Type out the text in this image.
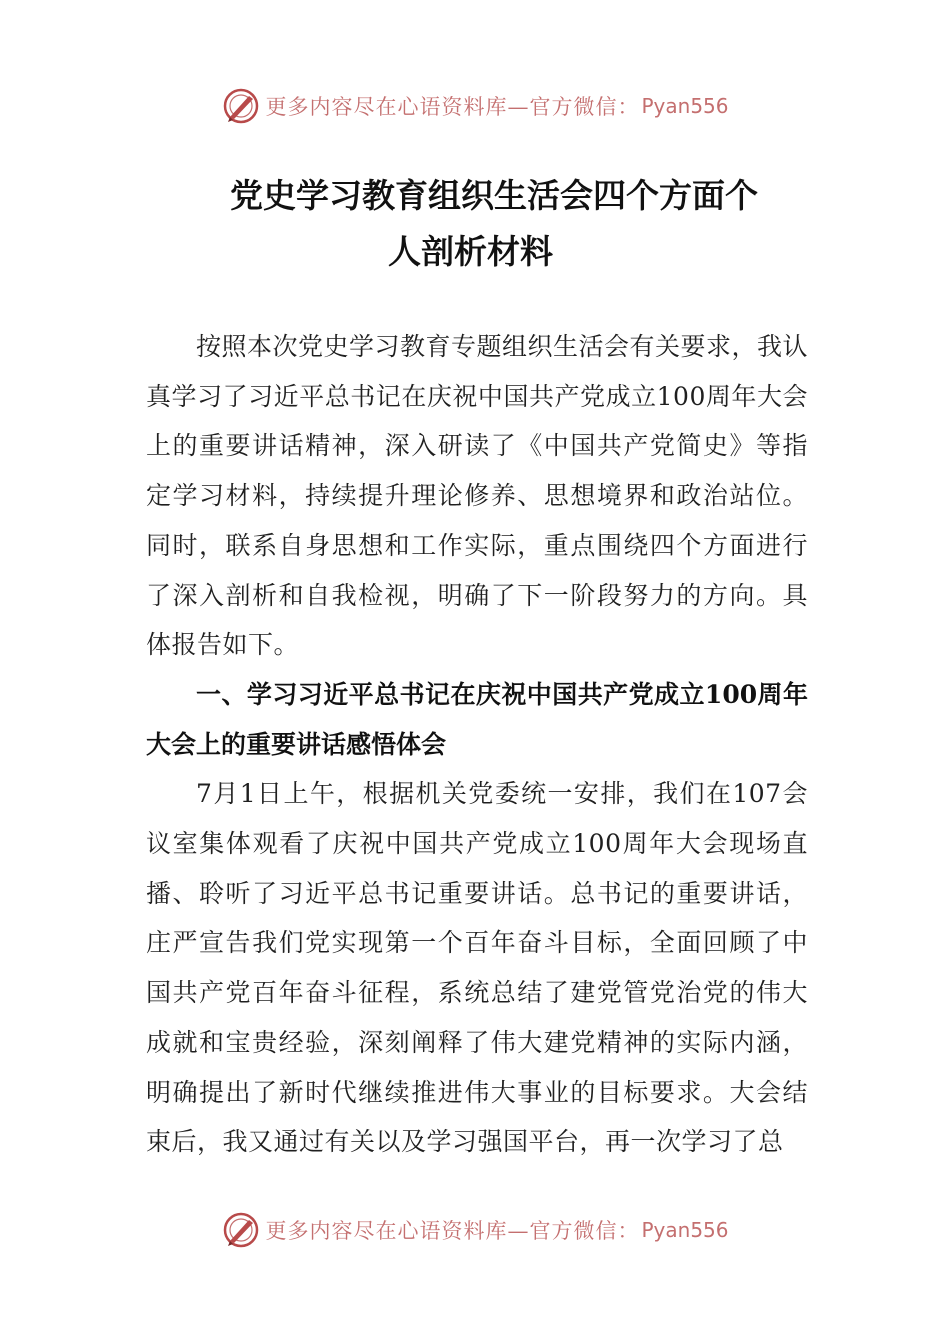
更多内容尽在心语资料库—官方微信： Pyan556
党史学习教育组织生活会四个方面个
人剖析材料

按照本次党史学习教育专题组织生活会有关要求，我认真学习了习近平总书记在庆祝中国共产党成立100周年大会上的重要讲话精神，深入研读了《中国共产党简史》等指定学习材料，持续提升理论修养、思想境界和政治站位。同时，联系自身思想和工作实际，重点围绕四个方面进行了深入剖析和自我检视，明确了下一阶段努力的方向。具体报告如下。

一、学习习近平总书记在庆祝中国共产党成立100周年大会上的重要讲话感悟体会

7月1日上午，根据机关党委统一安排，我们在107会议室集体观看了庆祝中国共产党成立100周年大会现场直播、聆听了习近平总书记重要讲话。总书记的重要讲话，庄严宣告我们党实现第一个百年奋斗目标，全面回顾了中国共产党百年奋斗征程，系统总结了建党管党治党的伟大成就和宝贵经验，深刻阐释了伟大建党精神的实际内涵，明确提出了新时代继续推进伟大事业的目标要求。大会结束后，我又通过有关以及学习强国平台，再一次学习了总

更多内容尽在心语资料库—官方微信： Pyan556
